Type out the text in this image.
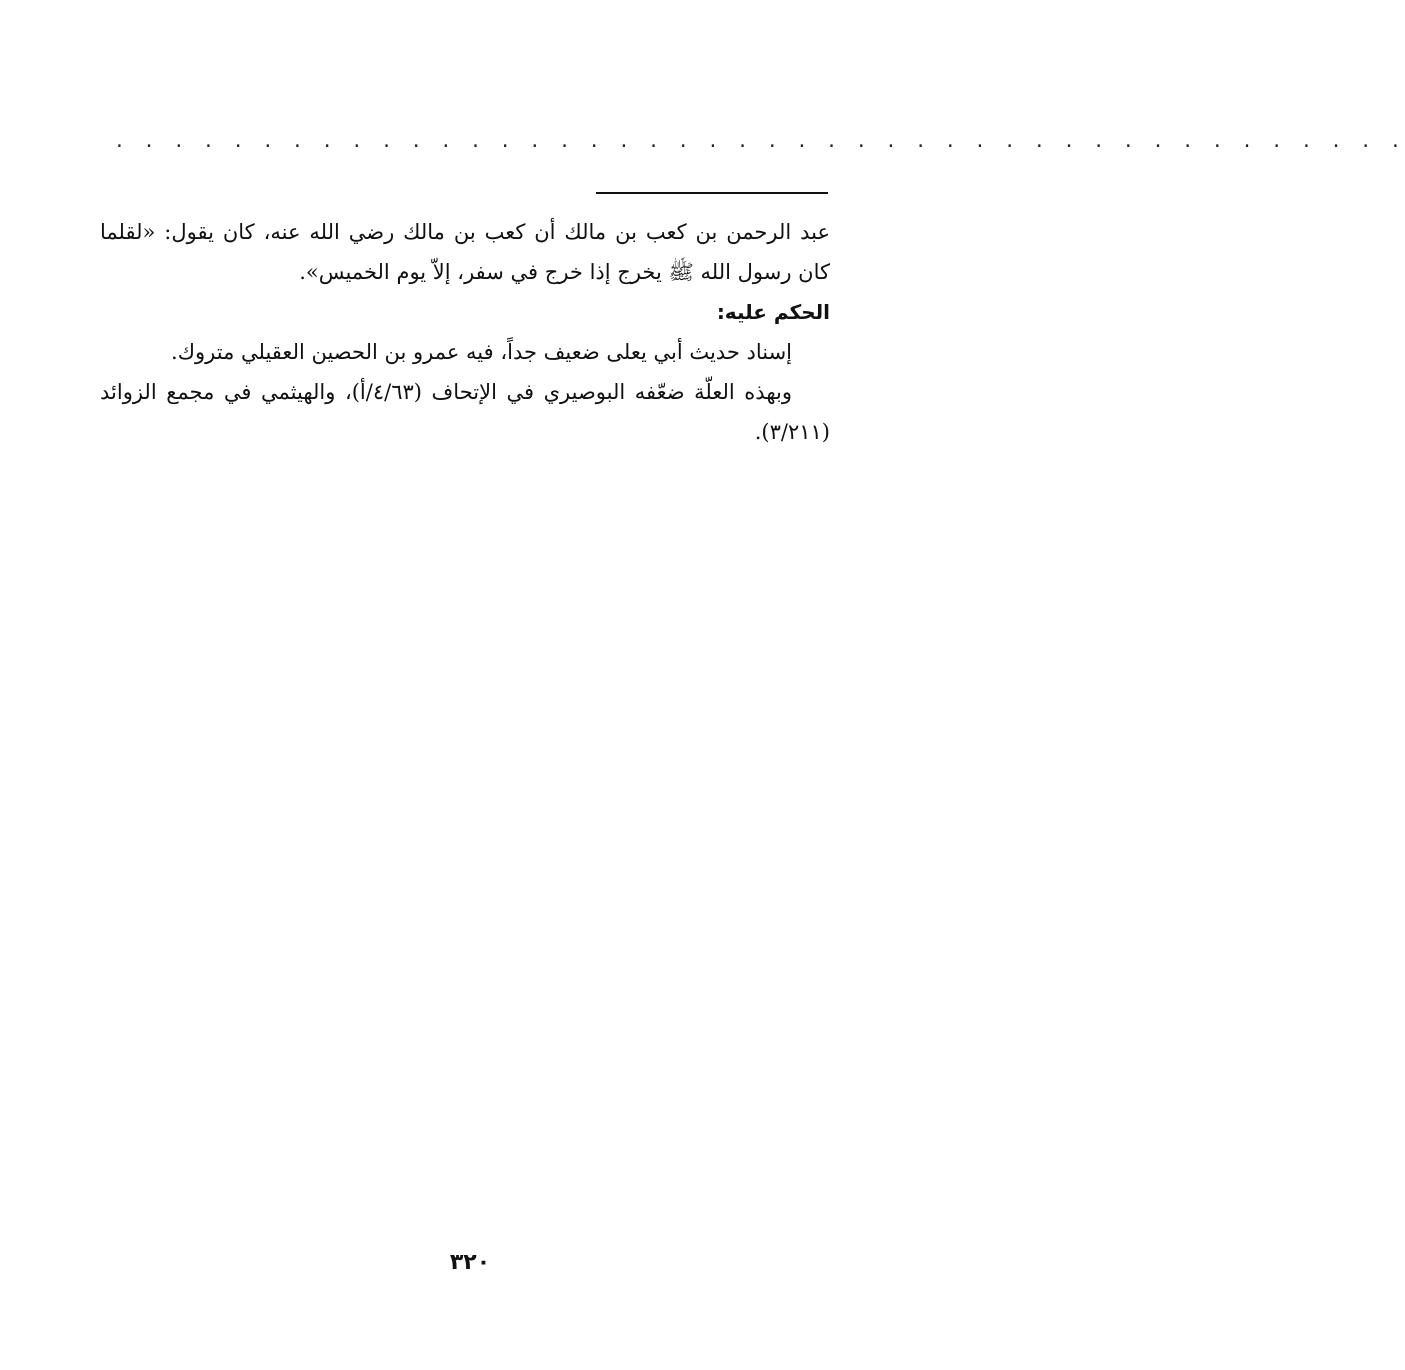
. . . . . . . . . . . . . . . . . . . . . . . . . . . . . . . . . . . . . . . . . . . .

عبد الرحمن بن كعب بن مالك أن كعب بن مالك رضي الله عنه، كان يقول: «لقلما كان رسول الله ﷺ يخرج إذا خرج في سفر، إلاّ يوم الخميس».

الحكم عليه:

إسناد حديث أبي يعلى ضعيف جداً، فيه عمرو بن الحصين العقيلي متروك.

وبهذه العلّة ضعّفه البوصيري في الإتحاف (٤/٦٣/أ)، والهيثمي في مجمع الزوائد (٣/٢١١).

٣٢٠
